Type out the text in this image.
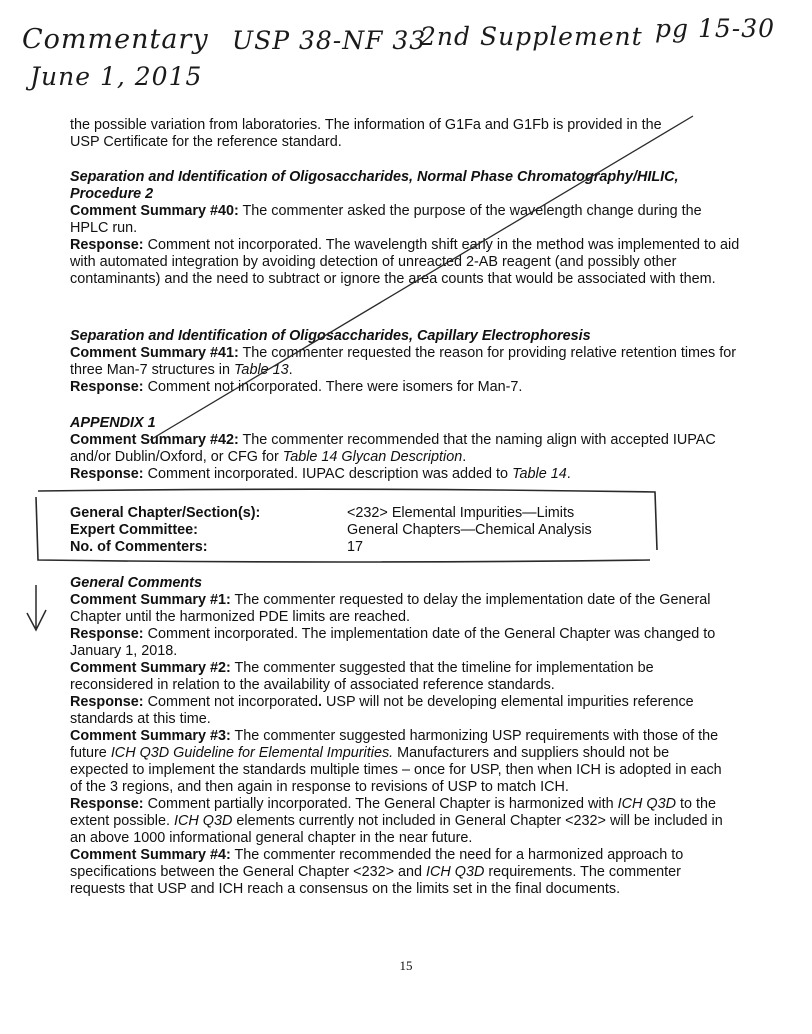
Commentary USP 38-NF 33
2nd Supplement pg 15-30
June 1, 2015

the possible variation from laboratories. The information of G1Fa and G1Fb is provided in the
USP Certificate for the reference standard.

Separation and Identification of Oligosaccharides, Normal Phase Chromatography/HILIC,
Procedure 2

Comment Summary #40: The commenter asked the purpose of the wavelength change during the HPLC run.

Response: Comment not incorporated. The wavelength shift early in the method was implemented to aid with automated integration by avoiding detection of unreacted 2-AB reagent (and possibly other contaminants) and the need to subtract or ignore the area counts that would be associated with them.

Separation and Identification of Oligosaccharides, Capillary Electrophoresis

Comment Summary #41: The commenter requested the reason for providing relative retention times for three Man-7 structures in Table 13.

Response: Comment not incorporated. There were isomers for Man-7.

APPENDIX 1

Comment Summary #42: The commenter recommended that the naming align with accepted IUPAC and/or Dublin/Oxford, or CFG for Table 14 Glycan Description.

Response: Comment incorporated. IUPAC description was added to Table 14.

General Chapter/Section(s):	<232> Elemental Impurities—Limits
Expert Committee:	General Chapters—Chemical Analysis
No. of Commenters:	17

General Comments

Comment Summary #1: The commenter requested to delay the implementation date of the General Chapter until the harmonized PDE limits are reached.

Response: Comment incorporated. The implementation date of the General Chapter was changed to January 1, 2018.

Comment Summary #2: The commenter suggested that the timeline for implementation be reconsidered in relation to the availability of associated reference standards.

Response: Comment not incorporated. USP will not be developing elemental impurities reference standards at this time.

Comment Summary #3: The commenter suggested harmonizing USP requirements with those of the future ICH Q3D Guideline for Elemental Impurities. Manufacturers and suppliers should not be expected to implement the standards multiple times – once for USP, then when ICH is adopted in each of the 3 regions, and then again in response to revisions of USP to match ICH.

Response: Comment partially incorporated. The General Chapter is harmonized with ICH Q3D to the extent possible. ICH Q3D elements currently not included in General Chapter <232> will be included in an above 1000 informational general chapter in the near future.

Comment Summary #4: The commenter recommended the need for a harmonized approach to specifications between the General Chapter <232> and ICH Q3D requirements. The commenter requests that USP and ICH reach a consensus on the limits set in the final documents.

15
